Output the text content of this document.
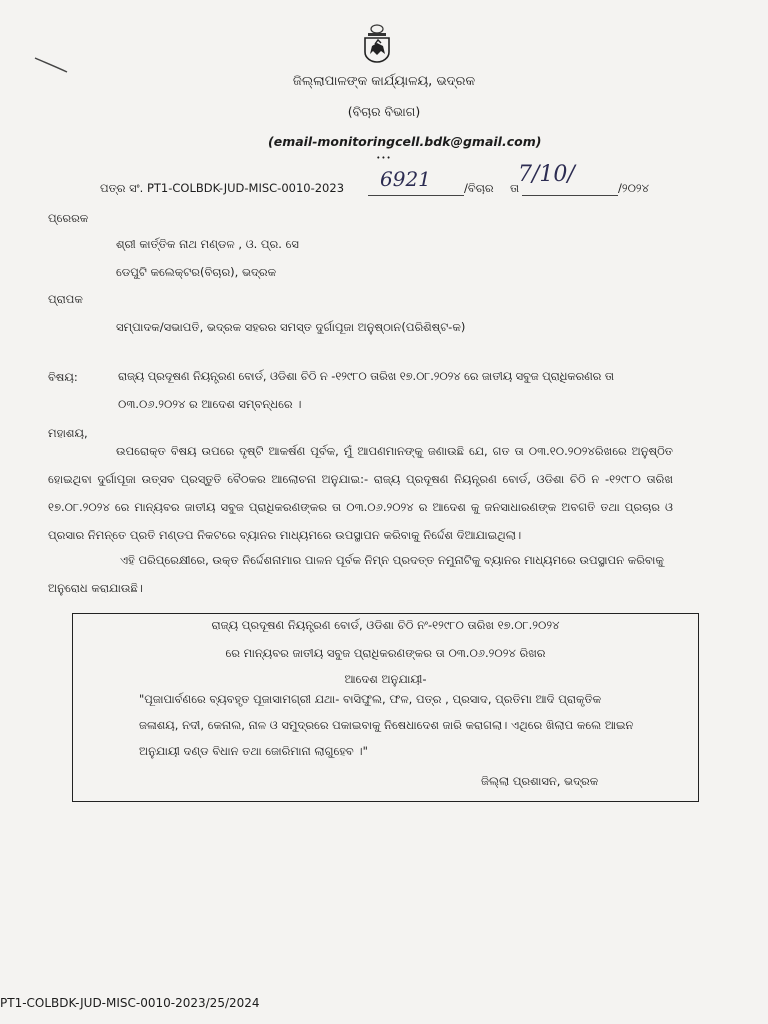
ଜିଲ୍ଲାପାଳଙ୍କ କାର୍ଯ୍ୟାଳୟ, ଭଦ୍ରକ
(ବିଚାର ବିଭାଗ)
(email-monitoringcell.bdk@gmail.com)
•••
ପତ୍ର ସଂ. PT1-COLBDK-JUD-MISC-0010-2023 6921	/ବିଚାର ତା
7/10/
/୨୦୨୪
ପ୍ରେରକ
ଶ୍ରୀ କାର୍ତ୍ତିକ ନାଥ ମଣ୍ଡଳ , ଓ. ପ୍ର. ସେ
ଡେପୁଟି କଲେକ୍ଟର(ବିଚାର), ଭଦ୍ରକ
ପ୍ରାପକ
ସମ୍ପାଦକ/ସଭାପତି, ଭଦ୍ରକ ସହରର ସମସ୍ତ ଦୁର୍ଗାପୂଜା ଅନୁଷ୍ଠାନ(ପରିଶିଷ୍ଟ-କ)
ବିଷୟ:	ରାଜ୍ୟ ପ୍ରଦୂଷଣ ନିୟନ୍ତ୍ରଣ ବୋର୍ଡ, ଓଡିଶା ଚିଠି ନ -୧୨୯୮୦ ତାରିଖ ୧୭.୦୮.୨୦୨୪ ରେ ଜାତୀୟ ସବୁଜ ପ୍ରାଧିକରଣର ତା
୦୩.୦୬.୨୦୨୪ ର ଆଦେଶ ସମ୍ବନ୍ଧରେ ।
ମହାଶୟ,
ଉପରୋକ୍ତ ବିଷୟ ଉପରେ ଦୃଷ୍ଟି ଆକର୍ଷଣ ପୂର୍ବକ, ମୁଁ ଆପଣମାନଙ୍କୁ ଜଣାଉଛି ଯେ, ଗତ ତା ୦୩.୧୦.୨୦୨୪ରିଖରେ ଅନୁଷ୍ଠିତ ହୋଇଥିବା ଦୁର୍ଗାପୂଜା ଉତ୍ସବ ପ୍ରସ୍ତୁତି ବୈଠକର ଆଲୋଚନା ଅନୁଯାଇ:- ରାଜ୍ୟ ପ୍ରଦୂଷଣ ନିୟନ୍ତ୍ରଣ ବୋର୍ଡ, ଓଡିଶା ଚିଠି ନ -୧୨୯୮୦ ତାରିଖ ୧୭.୦୮.୨୦୨୪ ରେ ମାନ୍ୟବର ଜାତୀୟ ସବୁଜ ପ୍ରାଧିକରଣଙ୍କର ତା ୦୩.୦୬.୨୦୨୪ ର ଆଦେଶ କୁ ଜନସାଧାରଣଙ୍କ ଅବଗତି ତଥା ପ୍ରଚାର ଓ ପ୍ରସାର ନିମନ୍ତେ ପ୍ରତି ମଣ୍ଡପ ନିକଟରେ ବ୍ୟାନର ମାଧ୍ୟମରେ ଉପସ୍ଥାପନ କରିବାକୁ ନିର୍ଦ୍ଦେଶ ଦିଆଯାଇଥିଲା।
ଏହି ପରିପ୍ରେକ୍ଷୀରେ, ଉକ୍ତ ନିର୍ଦ୍ଦେଶନାମାର ପାଳନ ପୂର୍ବକ ନିମ୍ନ ପ୍ରଦତ୍ତ ନମୁନାଟିକୁ ବ୍ୟାନର ମାଧ୍ୟମରେ ଉପସ୍ଥାପନ କରିବାକୁ ଅନୁରୋଧ କରାଯାଉଛି।
ରାଜ୍ୟ ପ୍ରଦୂଷଣ ନିୟନ୍ତ୍ରଣ ବୋର୍ଡ, ଓଡିଶା ଚିଠି ନଂ-୧୨୯୮୦ ତାରିଖ ୧୭.୦୮.୨୦୨୪
ରେ ମାନ୍ୟବର ଜାତୀୟ ସବୁଜ ପ୍ରାଧିକରଣଙ୍କର ତା ୦୩.୦୬.୨୦୨୪ ରିଖର
ଆଦେଶ ଅନୁଯାୟୀ-
"ପୂଜାପାର୍ବଣରେ ବ୍ୟବହୃତ ପୂଜାସାମଗ୍ରୀ ଯଥା- ବାସିଫୁଲ, ଫଳ, ପତ୍ର , ପ୍ରସାଦ, ପ୍ରତିମା ଆଦି ପ୍ରାକୃତିକ ଜଳାଶୟ, ନଦୀ, କେନାଲ, ନାଳ ଓ ସମୁଦ୍ରରେ ପକାଇବାକୁ ନିଷେଧାଦେଶ ଜାରି କରାଗଲା। ଏଥିରେ ଖିଲାପ କଲେ ଆଇନ ଅନୁଯାୟୀ ଦଣ୍ଡ ବିଧାନ ତଥା ଜୋରିମାନା ଲାଗୁହେବ ।"
ଜିଲ୍ଲା ପ୍ରଶାସନ, ଭଦ୍ରକ
PT1-COLBDK-JUD-MISC-0010-2023/25/2024
